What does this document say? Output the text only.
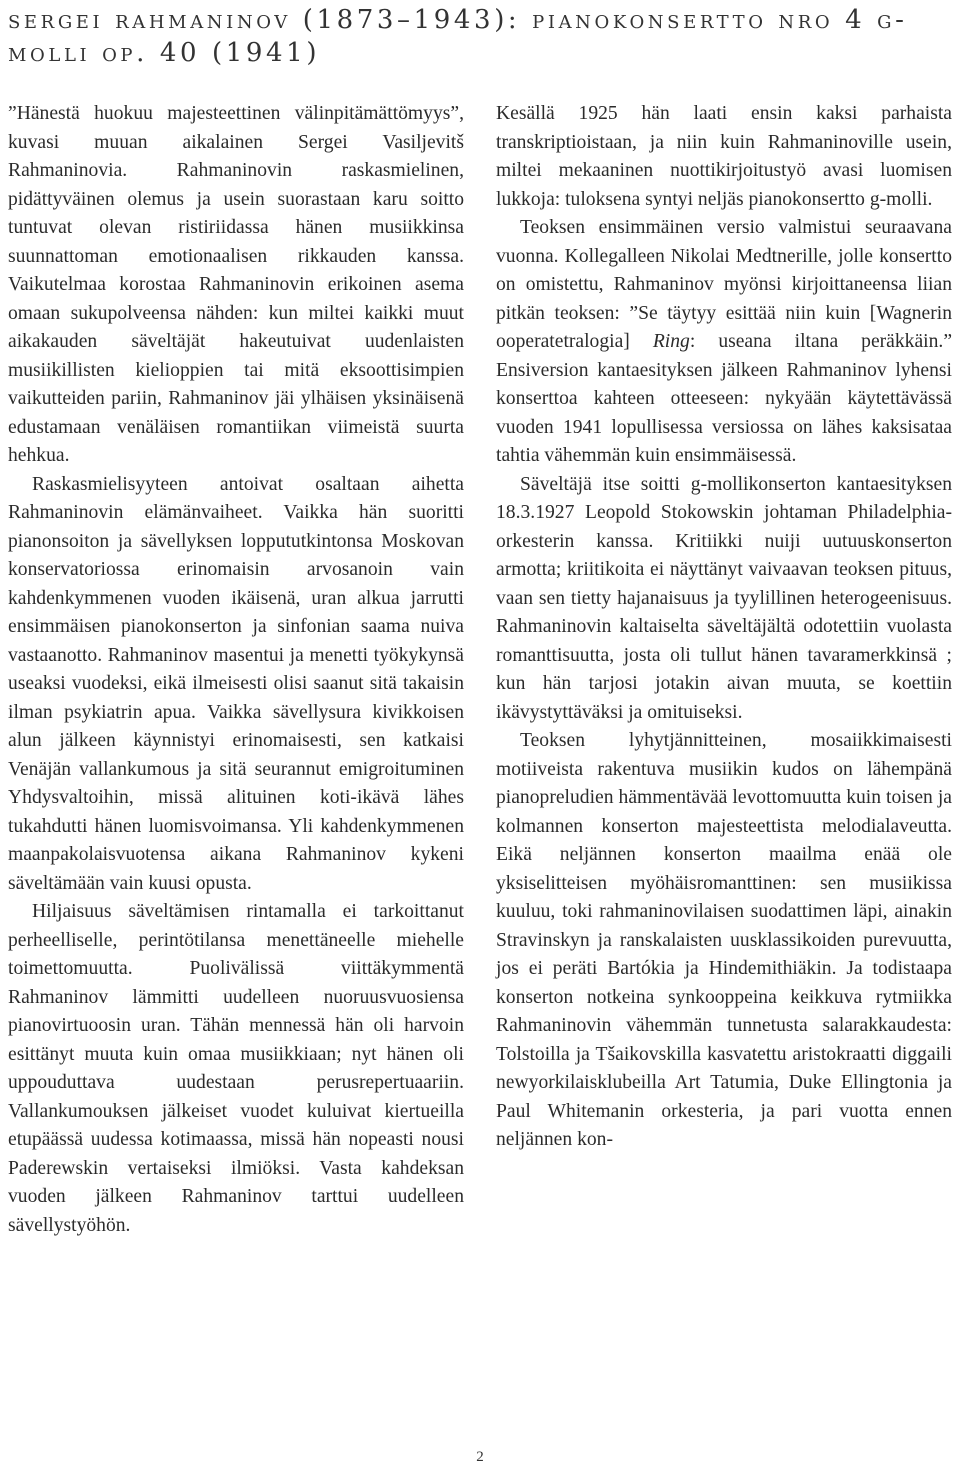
sergei rahmaninov (1873–1943): pianokonsertto nro 4 g-molli op. 40 (1941)

”Hänestä huokuu majesteettinen välinpitämättömyys”, kuvasi muuan aikalainen Sergei Vasiljevitš Rahmaninovia. Rahmaninovin raskasmielinen, pidättyväinen olemus ja usein suorastaan karu soitto tuntuvat olevan ristiriidassa hänen musiikkinsa suunnattoman emotionaalisen rikkauden kanssa. Vaikutelmaa korostaa Rahmaninovin erikoinen asema omaan sukupolveensa nähden: kun miltei kaikki muut aikakauden säveltäjät hakeutuivat uudenlaisten musiikillisten kielioppien tai mitä eksoottisimpien vaikutteiden pariin, Rahmaninov jäi ylhäisen yksinäisenä edustamaan venäläisen romantiikan viimeistä suurta hehkua.

Raskasmielisyyteen antoivat osaltaan aihetta Rahmaninovin elämänvaiheet. Vaikka hän suoritti pianonsoiton ja sävellyksen loppututkintonsa Moskovan konservatoriossa erinomaisin arvosanoin vain kahdenkymmenen vuoden ikäisenä, uran alkua jarrutti ensimmäisen pianokonserton ja sinfonian saama nuiva vastaanotto. Rahmaninov masentui ja menetti työkykynsä useaksi vuodeksi, eikä ilmeisesti olisi saanut sitä takaisin ilman psykiatrin apua. Vaikka sävellysura kivikkoisen alun jälkeen käynnistyi erinomaisesti, sen katkaisi Venäjän vallankumous ja sitä seurannut emigroituminen Yhdysvaltoihin, missä alituinen koti-ikävä lähes tukahdutti hänen luomisvoimansa. Yli kahdenkymmenen maanpakolaisvuotensa aikana Rahmaninov kykeni säveltämään vain kuusi opusta.

Hiljaisuus säveltämisen rintamalla ei tarkoittanut perheelliselle, perintötilansa menettäneelle miehelle toimettomuutta. Puolivälissä viittäkymmentä Rahmaninov lämmitti uudelleen nuoruusvuosiensa pianovirtuoosin uran. Tähän mennessä hän oli harvoin esittänyt muuta kuin omaa musiikkiaan; nyt hänen oli uppouduttava uudestaan perusrepertuaariin. Vallankumouksen jälkeiset vuodet kuluivat kiertueilla etupäässä uudessa kotimaassa, missä hän nopeasti nousi Paderewskin vertaiseksi ilmiöksi. Vasta kahdeksan vuoden jälkeen Rahmaninov tarttui uudelleen sävellystyöhön.

Kesällä 1925 hän laati ensin kaksi parhaista transkriptioistaan, ja niin kuin Rahmaninoville usein, miltei mekaaninen nuottikirjoitustyö avasi luomisen lukkoja: tuloksena syntyi neljäs pianokonsertto g-molli.

Teoksen ensimmäinen versio valmistui seuraavana vuonna. Kollegalleen Nikolai Medtnerille, jolle konsertto on omistettu, Rahmaninov myönsi kirjoittaneensa liian pitkän teoksen: ”Se täytyy esittää niin kuin [Wagnerin ooperatetralogia] Ring: useana iltana peräkkäin.” Ensiversion kantaesityksen jälkeen Rahmaninov lyhensi konserttoa kahteen otteeseen: nykyään käytettävässä vuoden 1941 lopullisessa versiossa on lähes kaksisataa tahtia vähemmän kuin ensimmäisessä.

Säveltäjä itse soitti g-mollikonserton kantaesityksen 18.3.1927 Leopold Stokowskin johtaman Philadelphia-orkesterin kanssa. Kritiikki nuiji uutuuskonserton armotta; kriitikoita ei näyttänyt vaivaavan teoksen pituus, vaan sen tietty hajanaisuus ja tyylillinen heterogeenisuus. Rahmaninovin kaltaiselta säveltäjältä odotettiin vuolasta romanttisuutta, josta oli tullut hänen tavaramerkkinsä ; kun hän tarjosi jotakin aivan muuta, se koettiin ikävystyttäväksi ja omituiseksi.

Teoksen lyhytjännitteinen, mosaiikkimaisesti motiiveista rakentuva musiikin kudos on lähempänä pianopreludien hämmentävää levottomuutta kuin toisen ja kolmannen konserton majesteettista melodialaveutta. Eikä neljännen konserton maailma enää ole yksiselitteisen myöhäisromanttinen: sen musiikissa kuuluu, toki rahmaninovilaisen suodattimen läpi, ainakin Stravinskyn ja ranskalaisten uusklassikoiden purevuutta, jos ei peräti Bartókia ja Hindemithiäkin. Ja todistaapa konserton notkeina synkooppeina keikkuva rytmiikka Rahmaninovin vähemmän tunnetusta salarakkaudesta: Tolstoilla ja Tšaikovskilla kasvatettu aristokraatti diggaili newyorkilaisklubeilla Art Tatumia, Duke Ellingtonia ja Paul Whitemanin orkesteria, ja pari vuotta ennen neljännen kon-

2
